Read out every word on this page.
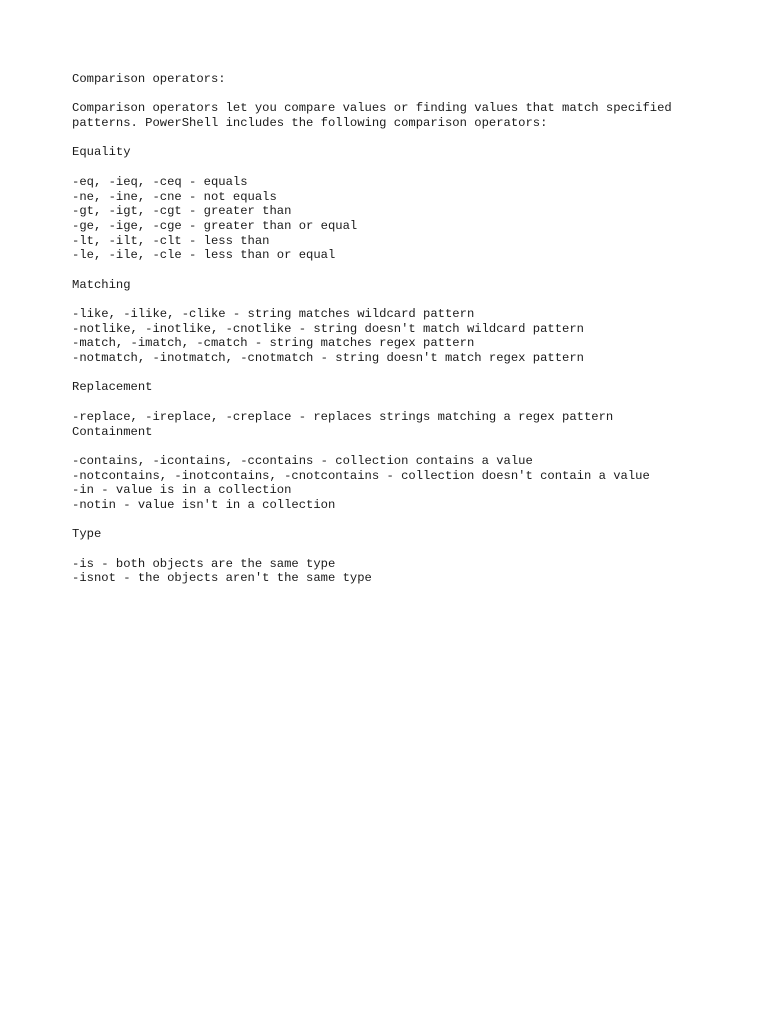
Comparison operators:
Comparison operators let you compare values or finding values that match specified
patterns. PowerShell includes the following comparison operators:
Equality
-eq, -ieq, -ceq - equals
-ne, -ine, -cne - not equals
-gt, -igt, -cgt - greater than
-ge, -ige, -cge - greater than or equal
-lt, -ilt, -clt - less than
-le, -ile, -cle - less than or equal
Matching
-like, -ilike, -clike - string matches wildcard pattern
-notlike, -inotlike, -cnotlike - string doesn't match wildcard pattern
-match, -imatch, -cmatch - string matches regex pattern
-notmatch, -inotmatch, -cnotmatch - string doesn't match regex pattern
Replacement
-replace, -ireplace, -creplace - replaces strings matching a regex pattern
Containment
-contains, -icontains, -ccontains - collection contains a value
-notcontains, -inotcontains, -cnotcontains - collection doesn't contain a value
-in - value is in a collection
-notin - value isn't in a collection
Type
-is - both objects are the same type
-isnot - the objects aren't the same type
